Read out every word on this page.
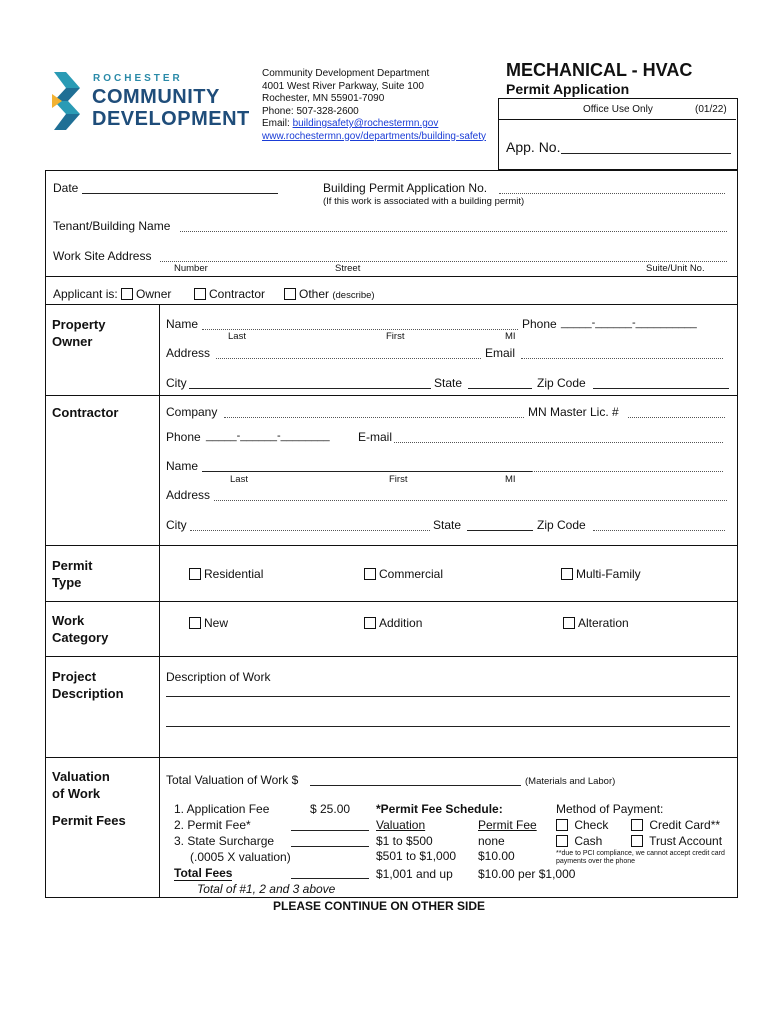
ROCHESTER
COMMUNITY
DEVELOPMENT
Community Development Department
4001 West River Parkway, Suite 100
Rochester, MN 55901-7090
Phone: 507-328-2600
Email: buildingsafety@rochestermn.gov
www.rochestermn.gov/departments/building-safety
MECHANICAL - HVAC
Permit Application
Office Use Only	(01/22)
App. No.
Date	Building Permit Application No.
(If this work is associated with a building permit)
Tenant/Building Name
Work Site Address
Number	Street	Suite/Unit No.
Applicant is: Owner	Contractor	Other (describe)
Property
Owner
Name
Last	First	MI
Phone _____-______-__________
Address	Email
City	State	Zip Code
Contractor	Company	MN Master Lic. #
Phone _____-______-________ E-mail
Name
Last	First	MI
Address
City	State	Zip Code
Permit
Type
Residential	Commercial	Multi-Family
Work
Category
New	Addition	Alteration
Project
Description
Description of Work
Valuation
of Work
Total Valuation of Work $	(Materials and Labor)
Permit Fees
1. Application Fee	$ 25.00
2. Permit Fee*
3. State Surcharge
(.0005 X valuation)
Total Fees
Total of #1, 2 and 3 above
*Permit Fee Schedule:
Valuation	Permit Fee
$1 to $500	none
$501 to $1,000 $10.00
$1,001 and up $10.00 per $1,000
Method of Payment:
Check	Credit Card**
Cash	Trust Account
**due to PCI compliance, we cannot accept credit card
payments over the phone
PLEASE CONTINUE ON OTHER SIDE
